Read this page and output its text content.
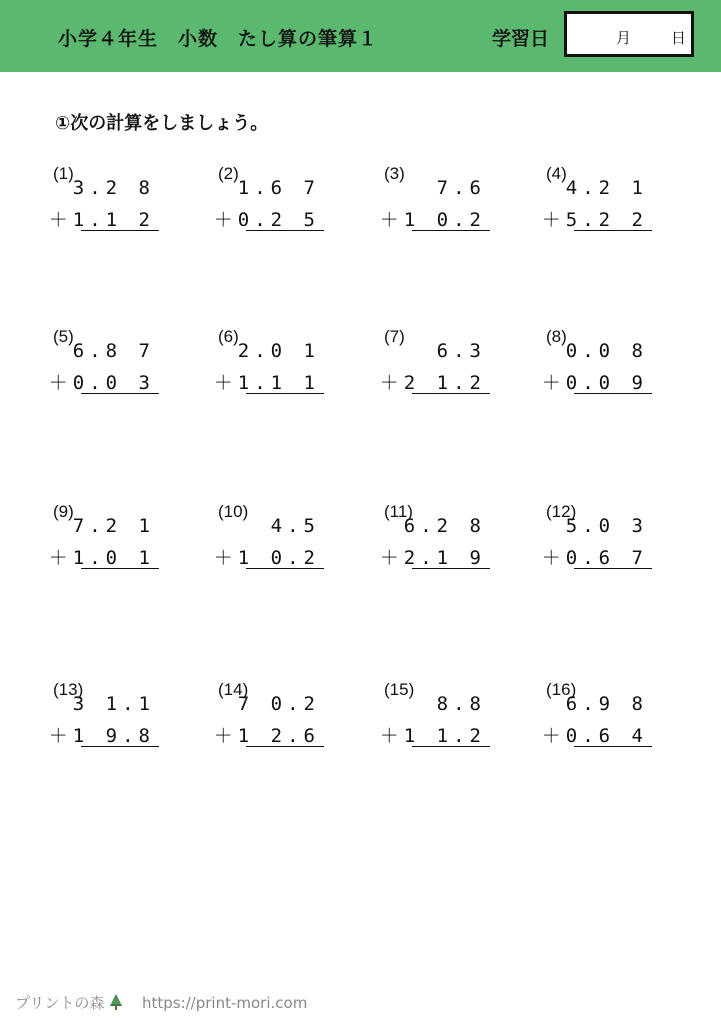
小学４年生　小数　たし算の筆算１	学習日	月	日
①次の計算をしましょう。
(1)
3.2 8
＋1.1 2
(2)
1.6 7
＋0.2 5
(3)
7.6
＋1 0.2
(4)
4.2 1
＋5.2 2
(5)
6.8 7
＋0.0 3
(6)
2.0 1
＋1.1 1
(7)
6.3
＋2 1.2
(8)
0.0 8
＋0.0 9
(9)
7.2 1
＋1.0 1
(10)
4.5
＋1 0.2
(11)
6.2 8
＋2.1 9
(12)
5.0 3
＋0.6 7
(13)
3 1.1
＋1 9.8
(14)
7 0.2
＋1 2.6
(15)
8.8
＋1 1.2
(16)
6.9 8
＋0.6 4
プリントの森	https://print-mori.com
